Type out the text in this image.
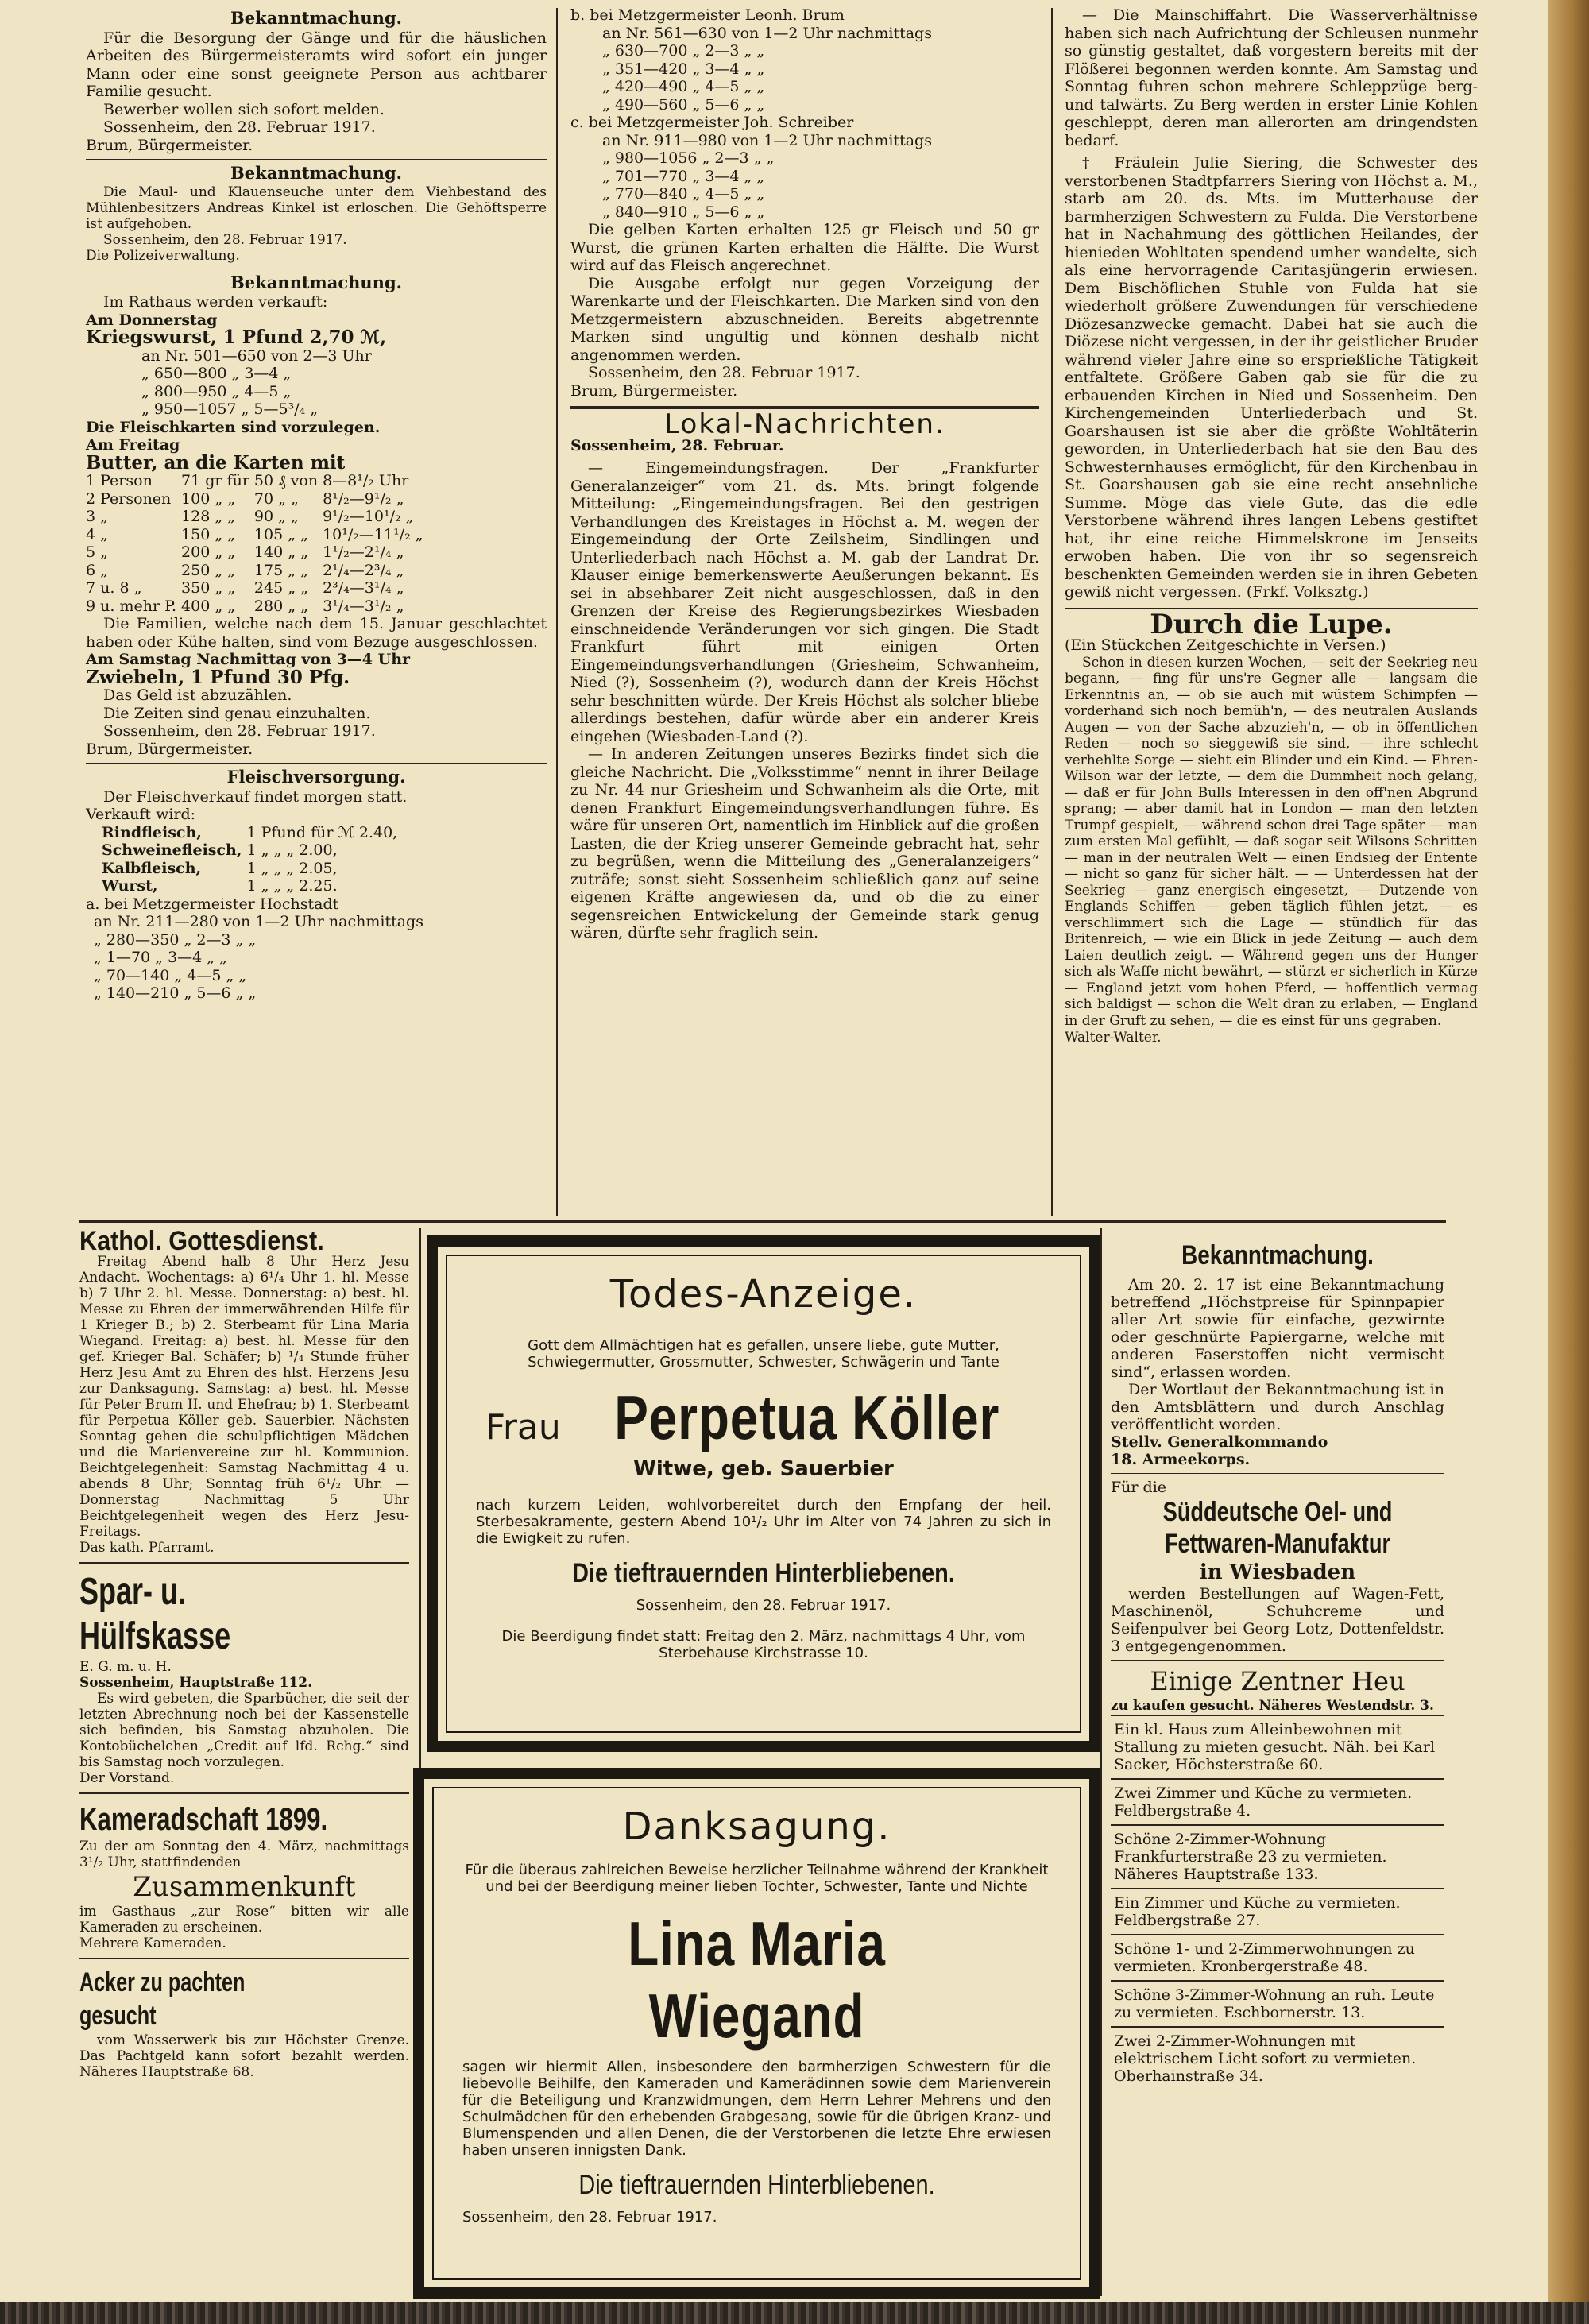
Bekanntmachung.

Für die Besorgung der Gänge und für die häuslichen Arbeiten des Bürgermeisteramts wird sofort ein junger Mann oder eine sonst geeignete Person aus achtbarer Familie gesucht.

Bewerber wollen sich sofort melden.

Sossenheim, den 28. Februar 1917.

Brum, Bürgermeister.

Bekanntmachung.

Die Maul- und Klauenseuche unter dem Viehbestand des Mühlenbesitzers Andreas Kinkel ist erloschen. Die Gehöftsperre ist aufgehoben.

Sossenheim, den 28. Februar 1917.

Die Polizeiverwaltung.

Bekanntmachung.

Im Rathaus werden verkauft:

Am Donnerstag

Kriegswurst, 1 Pfund 2,70 ℳ,

an Nr. 501—650 von 2—3 Uhr

„ 650—800 „ 3—4 „

„ 800—950 „ 4—5 „

„ 950—1057 „ 5—5³/₄ „

Die Fleischkarten sind vorzulegen.

Am Freitag

Butter, an die Karten mit

1 Person	71 gr für	50 ₰ von	8—8¹/₂ Uhr
2 Personen	100 „ „	70 „ „	8¹/₂—9¹/₂ „
3 „	128 „ „	90 „ „	9¹/₂—10¹/₂ „
4 „	150 „ „	105 „ „	10¹/₂—11¹/₂ „
5 „	200 „ „	140 „ „	1¹/₂—2¹/₄ „
6 „	250 „ „	175 „ „	2¹/₄—2³/₄ „
7 u. 8 „	350 „ „	245 „ „	2³/₄—3¹/₄ „
9 u. mehr P.	400 „ „	280 „ „	3¹/₄—3¹/₂ „

Die Familien, welche nach dem 15. Januar geschlachtet haben oder Kühe halten, sind vom Bezuge ausgeschlossen.

Am Samstag Nachmittag von 3—4 Uhr

Zwiebeln, 1 Pfund 30 Pfg.

Das Geld ist abzuzählen.

Die Zeiten sind genau einzuhalten.

Sossenheim, den 28. Februar 1917.

Brum, Bürgermeister.

Fleischversorgung.

Der Fleischverkauf findet morgen statt.

Verkauft wird:

Rindfleisch,	1 Pfund für ℳ 2.40,
Schweinefleisch,	1 „ „ „ 2.00,
Kalbfleisch,	1 „ „ „ 2.05,
Wurst,	1 „ „ „ 2.25.

a. bei Metzgermeister Hochstadt

an Nr. 211—280 von 1—2 Uhr nachmittags

„ 280—350 „ 2—3 „ „

„ 1—70 „ 3—4 „ „

„ 70—140 „ 4—5 „ „

„ 140—210 „ 5—6 „ „

b. bei Metzgermeister Leonh. Brum

an Nr. 561—630 von 1—2 Uhr nachmittags

„ 630—700 „ 2—3 „ „

„ 351—420 „ 3—4 „ „

„ 420—490 „ 4—5 „ „

„ 490—560 „ 5—6 „ „

c. bei Metzgermeister Joh. Schreiber

an Nr. 911—980 von 1—2 Uhr nachmittags

„ 980—1056 „ 2—3 „ „

„ 701—770 „ 3—4 „ „

„ 770—840 „ 4—5 „ „

„ 840—910 „ 5—6 „ „

Die gelben Karten erhalten 125 gr Fleisch und 50 gr Wurst, die grünen Karten erhalten die Hälfte. Die Wurst wird auf das Fleisch angerechnet.

Die Ausgabe erfolgt nur gegen Vorzeigung der Warenkarte und der Fleischkarten. Die Marken sind von den Metzgermeistern abzuschneiden. Bereits abgetrennte Marken sind ungültig und können deshalb nicht angenommen werden.

Sossenheim, den 28. Februar 1917.

Brum, Bürgermeister.

Lokal-Nachrichten.

Sossenheim, 28. Februar.

— Eingemeindungsfragen. Der „Frankfurter Generalanzeiger“ vom 21. ds. Mts. bringt folgende Mitteilung: „Eingemeindungsfragen. Bei den gestrigen Verhandlungen des Kreistages in Höchst a. M. wegen der Eingemeindung der Orte Zeilsheim, Sindlingen und Unterliederbach nach Höchst a. M. gab der Landrat Dr. Klauser einige bemerkenswerte Aeußerungen bekannt. Es sei in absehbarer Zeit nicht ausgeschlossen, daß in den Grenzen der Kreise des Regierungsbezirkes Wiesbaden einschneidende Veränderungen vor sich gingen. Die Stadt Frankfurt führt mit einigen Orten Eingemeindungsverhandlungen (Griesheim, Schwanheim, Nied (?), Sossenheim (?), wodurch dann der Kreis Höchst sehr beschnitten würde. Der Kreis Höchst als solcher bliebe allerdings bestehen, dafür würde aber ein anderer Kreis eingehen (Wiesbaden-Land (?).

— In anderen Zeitungen unseres Bezirks findet sich die gleiche Nachricht. Die „Volksstimme“ nennt in ihrer Beilage zu Nr. 44 nur Griesheim und Schwanheim als die Orte, mit denen Frankfurt Eingemeindungsverhandlungen führe. Es wäre für unseren Ort, namentlich im Hinblick auf die großen Lasten, die der Krieg unserer Gemeinde gebracht hat, sehr zu begrüßen, wenn die Mitteilung des „Generalanzeigers“ zuträfe; sonst sieht Sossenheim schließlich ganz auf seine eigenen Kräfte angewiesen da, und ob die zu einer segensreichen Entwickelung der Gemeinde stark genug wären, dürfte sehr fraglich sein.

— Die Mainschiffahrt. Die Wasserverhältnisse haben sich nach Aufrichtung der Schleusen nunmehr so günstig gestaltet, daß vorgestern bereits mit der Flößerei begonnen werden konnte. Am Samstag und Sonntag fuhren schon mehrere Schleppzüge berg- und talwärts. Zu Berg werden in erster Linie Kohlen geschleppt, deren man allerorten am dringendsten bedarf.

† Fräulein Julie Siering, die Schwester des verstorbenen Stadtpfarrers Siering von Höchst a. M., starb am 20. ds. Mts. im Mutterhause der barmherzigen Schwestern zu Fulda. Die Verstorbene hat in Nachahmung des göttlichen Heilandes, der hienieden Wohltaten spendend umher wandelte, sich als eine hervorragende Caritasjüngerin erwiesen. Dem Bischöflichen Stuhle von Fulda hat sie wiederholt größere Zuwendungen für verschiedene Diözesanzwecke gemacht. Dabei hat sie auch die Diözese nicht vergessen, in der ihr geistlicher Bruder während vieler Jahre eine so ersprießliche Tätigkeit entfaltete. Größere Gaben gab sie für die zu erbauenden Kirchen in Nied und Sossenheim. Den Kirchengemeinden Unterliederbach und St. Goarshausen ist sie aber die größte Wohltäterin geworden, in Unterliederbach hat sie den Bau des Schwesternhauses ermöglicht, für den Kirchenbau in St. Goarshausen gab sie eine recht ansehnliche Summe. Möge das viele Gute, das die edle Verstorbene während ihres langen Lebens gestiftet hat, ihr eine reiche Himmelskrone im Jenseits erwoben haben. Die von ihr so segensreich beschenkten Gemeinden werden sie in ihren Gebeten gewiß nicht vergessen. (Frkf. Volksztg.)

Durch die Lupe.

(Ein Stückchen Zeitgeschichte in Versen.)

Schon in diesen kurzen Wochen, — seit der Seekrieg neu begann, — fing für uns're Gegner alle — langsam die Erkenntnis an, — ob sie auch mit wüstem Schimpfen — vorderhand sich noch bemüh'n, — des neutralen Auslands Augen — von der Sache abzuzieh'n, — ob in öffentlichen Reden — noch so sieggewiß sie sind, — ihre schlecht verhehlte Sorge — sieht ein Blinder und ein Kind. — Ehren-Wilson war der letzte, — dem die Dummheit noch gelang, — daß er für John Bulls Interessen in den off'nen Abgrund sprang; — aber damit hat in London — man den letzten Trumpf gespielt, — während schon drei Tage später — man zum ersten Mal gefühlt, — daß sogar seit Wilsons Schritten — man in der neutralen Welt — einen Endsieg der Entente — nicht so ganz für sicher hält. — — Unterdessen hat der Seekrieg — ganz energisch eingesetzt, — Dutzende von Englands Schiffen — geben täglich fühlen jetzt, — es verschlimmert sich die Lage — stündlich für das Britenreich, — wie ein Blick in jede Zeitung — auch dem Laien deutlich zeigt. — Während gegen uns der Hunger sich als Waffe nicht bewährt, — stürzt er sicherlich in Kürze — England jetzt vom hohen Pferd, — hoffentlich vermag sich baldigst — schon die Welt dran zu erlaben, — England in der Gruft zu sehen, — die es einst für uns gegraben.

Walter-Walter.

Kathol. Gottesdienst.

Freitag Abend halb 8 Uhr Herz Jesu Andacht. Wochentags: a) 6¹/₄ Uhr 1. hl. Messe b) 7 Uhr 2. hl. Messe. Donnerstag: a) best. hl. Messe zu Ehren der immerwährenden Hilfe für 1 Krieger B.; b) 2. Sterbeamt für Lina Maria Wiegand. Freitag: a) best. hl. Messe für den gef. Krieger Bal. Schäfer; b) ¹/₄ Stunde früher Herz Jesu Amt zu Ehren des hlst. Herzens Jesu zur Danksagung. Samstag: a) best. hl. Messe für Peter Brum II. und Ehefrau; b) 1. Sterbeamt für Perpetua Köller geb. Sauerbier. Nächsten Sonntag gehen die schulpflichtigen Mädchen und die Marienvereine zur hl. Kommunion. Beichtgelegenheit: Samstag Nachmittag 4 u. abends 8 Uhr; Sonntag früh 6¹/₂ Uhr. — Donnerstag Nachmittag 5 Uhr Beichtgelegenheit wegen des Herz Jesu-Freitags.

Das kath. Pfarramt.

Spar- u. Hülfskasse

E. G. m. u. H.

Sossenheim, Hauptstraße 112.

Es wird gebeten, die Sparbücher, die seit der letzten Abrechnung noch bei der Kassenstelle sich befinden, bis Samstag abzuholen. Die Kontobüchelchen „Credit auf lfd. Rchg.“ sind bis Samstag noch vorzulegen.

Der Vorstand.

Kameradschaft 1899.

Zu der am Sonntag den 4. März, nachmittags 3¹/₂ Uhr, stattfindenden

Zusammenkunft

im Gasthaus „zur Rose“ bitten wir alle Kameraden zu erscheinen.

Mehrere Kameraden.

Acker zu pachten gesucht

vom Wasserwerk bis zur Höchster Grenze. Das Pachtgeld kann sofort bezahlt werden. Näheres Hauptstraße 68.

Todes-Anzeige.
Gott dem Allmächtigen hat es gefallen, unsere liebe, gute Mutter, Schwiegermutter, Grossmutter, Schwester, Schwägerin und Tante
Frau Perpetua Köller
Witwe, geb. Sauerbier
nach kurzem Leiden, wohlvorbereitet durch den Empfang der heil. Sterbesakramente, gestern Abend 10¹/₂ Uhr im Alter von 74 Jahren zu sich in die Ewigkeit zu rufen.
Die tieftrauernden Hinterbliebenen.
Sossenheim, den 28. Februar 1917.
Die Beerdigung findet statt: Freitag den 2. März, nachmittags 4 Uhr, vom Sterbehause Kirchstrasse 10.
Danksagung.
Für die überaus zahlreichen Beweise herzlicher Teilnahme während der Krankheit und bei der Beerdigung meiner lieben Tochter, Schwester, Tante und Nichte
Lina Maria Wiegand
sagen wir hiermit Allen, insbesondere den barmherzigen Schwestern für die liebevolle Beihilfe, den Kameraden und Kamerädinnen sowie dem Marienverein für die Beteiligung und Kranzwidmungen, dem Herrn Lehrer Mehrens und den Schulmädchen für den erhebenden Grabgesang, sowie für die übrigen Kranz- und Blumenspenden und allen Denen, die der Verstorbenen die letzte Ehre erwiesen haben unseren innigsten Dank.
Die tieftrauernden Hinterbliebenen.
Sossenheim, den 28. Februar 1917.
Bekanntmachung.

Am 20. 2. 17 ist eine Bekanntmachung betreffend „Höchstpreise für Spinnpapier aller Art sowie für einfache, gezwirnte oder geschnürte Papiergarne, welche mit anderen Faserstoffen nicht vermischt sind“, erlassen worden.

Der Wortlaut der Bekanntmachung ist in den Amtsblättern und durch Anschlag veröffentlicht worden.

Stellv. Generalkommando

18. Armeekorps.

Für die

Süddeutsche Oel- und
Fettwaren-Manufaktur
in Wiesbaden

werden Bestellungen auf Wagen-Fett, Maschinenöl, Schuhcreme und Seifenpulver bei Georg Lotz, Dottenfeldstr. 3 entgegengenommen.

Einige Zentner Heu

zu kaufen gesucht. Näheres Westendstr. 3.

Ein kl. Haus zum Alleinbewohnen mit Stallung zu mieten gesucht. Näh. bei Karl Sacker, Höchsterstraße 60.
Zwei Zimmer und Küche zu vermieten. Feldbergstraße 4.
Schöne 2-Zimmer-Wohnung Frankfurterstraße 23 zu vermieten. Näheres Hauptstraße 133.
Ein Zimmer und Küche zu vermieten. Feldbergstraße 27.
Schöne 1- und 2-Zimmerwohnungen zu vermieten. Kronbergerstraße 48.
Schöne 3-Zimmer-Wohnung an ruh. Leute zu vermieten. Eschbornerstr. 13.
Zwei 2-Zimmer-Wohnungen mit elektrischem Licht sofort zu vermieten. Oberhainstraße 34.
